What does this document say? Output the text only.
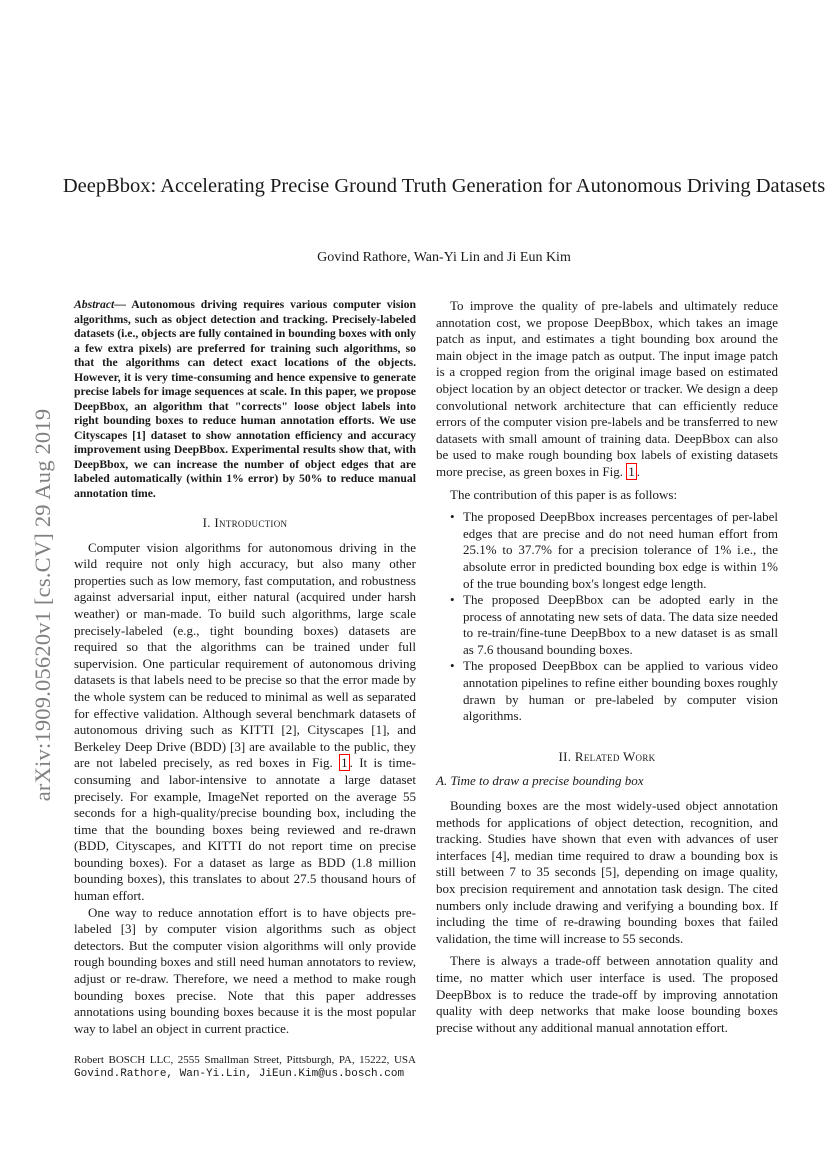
arXiv:1909.05620v1 [cs.CV] 29 Aug 2019
DeepBbox: Accelerating Precise Ground Truth Generation for Autonomous Driving Datasets
Govind Rathore, Wan-Yi Lin and Ji Eun Kim

Abstract— Autonomous driving requires various computer vision algorithms, such as object detection and tracking. Precisely-labeled datasets (i.e., objects are fully contained in bounding boxes with only a few extra pixels) are preferred for training such algorithms, so that the algorithms can detect exact locations of the objects. However, it is very time-consuming and hence expensive to generate precise labels for image sequences at scale. In this paper, we propose DeepBbox, an algorithm that "corrects" loose object labels into right bounding boxes to reduce human annotation efforts. We use Cityscapes [1] dataset to show annotation efficiency and accuracy improvement using DeepBbox. Experimental results show that, with DeepBbox, we can increase the number of object edges that are labeled automatically (within 1% error) by 50% to reduce manual annotation time.

I. Introduction

Computer vision algorithms for autonomous driving in the wild require not only high accuracy, but also many other properties such as low memory, fast computation, and robustness against adversarial input, either natural (acquired under harsh weather) or man-made. To build such algorithms, large scale precisely-labeled (e.g., tight bounding boxes) datasets are required so that the algorithms can be trained under full supervision. One particular requirement of autonomous driving datasets is that labels need to be precise so that the error made by the whole system can be reduced to minimal as well as separated for effective validation. Although several benchmark datasets of autonomous driving such as KITTI [2], Cityscapes [1], and Berkeley Deep Drive (BDD) [3] are available to the public, they are not labeled precisely, as red boxes in Fig. 1 . It is time-consuming and labor-intensive to annotate a large dataset precisely. For example, ImageNet reported on the average 55 seconds for a high-quality/precise bounding box, including the time that the bounding boxes being reviewed and re-drawn (BDD, Cityscapes, and KITTI do not report time on precise bounding boxes). For a dataset as large as BDD (1.8 million bounding boxes), this translates to about 27.5 thousand hours of human effort.

One way to reduce annotation effort is to have objects pre-labeled [3] by computer vision algorithms such as object detectors. But the computer vision algorithms will only provide rough bounding boxes and still need human annotators to review, adjust or re-draw. Therefore, we need a method to make rough bounding boxes precise. Note that this paper addresses annotations using bounding boxes because it is the most popular way to label an object in current practice.

Robert BOSCH LLC, 2555 Smallman Street, Pittsburgh, PA, 15222, USA Govind.Rathore, Wan-Yi.Lin, JiEun.Kim@us.bosch.com

To improve the quality of pre-labels and ultimately reduce annotation cost, we propose DeepBbox, which takes an image patch as input, and estimates a tight bounding box around the main object in the image patch as output. The input image patch is a cropped region from the original image based on estimated object location by an object detector or tracker. We design a deep convolutional network architecture that can efficiently reduce errors of the computer vision pre-labels and be transferred to new datasets with small amount of training data. DeepBbox can also be used to make rough bounding box labels of existing datasets more precise, as green boxes in Fig. 1 .

The contribution of this paper is as follows:

• The proposed DeepBbox increases percentages of per-label edges that are precise and do not need human effort from 25.1% to 37.7% for a precision tolerance of 1% i.e., the absolute error in predicted bounding box edge is within 1% of the true bounding box's longest edge length.
• The proposed DeepBbox can be adopted early in the process of annotating new sets of data. The data size needed to re-train/fine-tune DeepBbox to a new dataset is as small as 7.6 thousand bounding boxes.
• The proposed DeepBbox can be applied to various video annotation pipelines to refine either bounding boxes roughly drawn by human or pre-labeled by computer vision algorithms.
II. Related Work
A. Time to draw a precise bounding box

Bounding boxes are the most widely-used object annotation methods for applications of object detection, recognition, and tracking. Studies have shown that even with advances of user interfaces [4], median time required to draw a bounding box is still between 7 to 35 seconds [5], depending on image quality, box precision requirement and annotation task design. The cited numbers only include drawing and verifying a bounding box. If including the time of re-drawing bounding boxes that failed validation, the time will increase to 55 seconds.

There is always a trade-off between annotation quality and time, no matter which user interface is used. The proposed DeepBbox is to reduce the trade-off by improving annotation quality with deep networks that make loose bounding boxes precise without any additional manual annotation effort.
